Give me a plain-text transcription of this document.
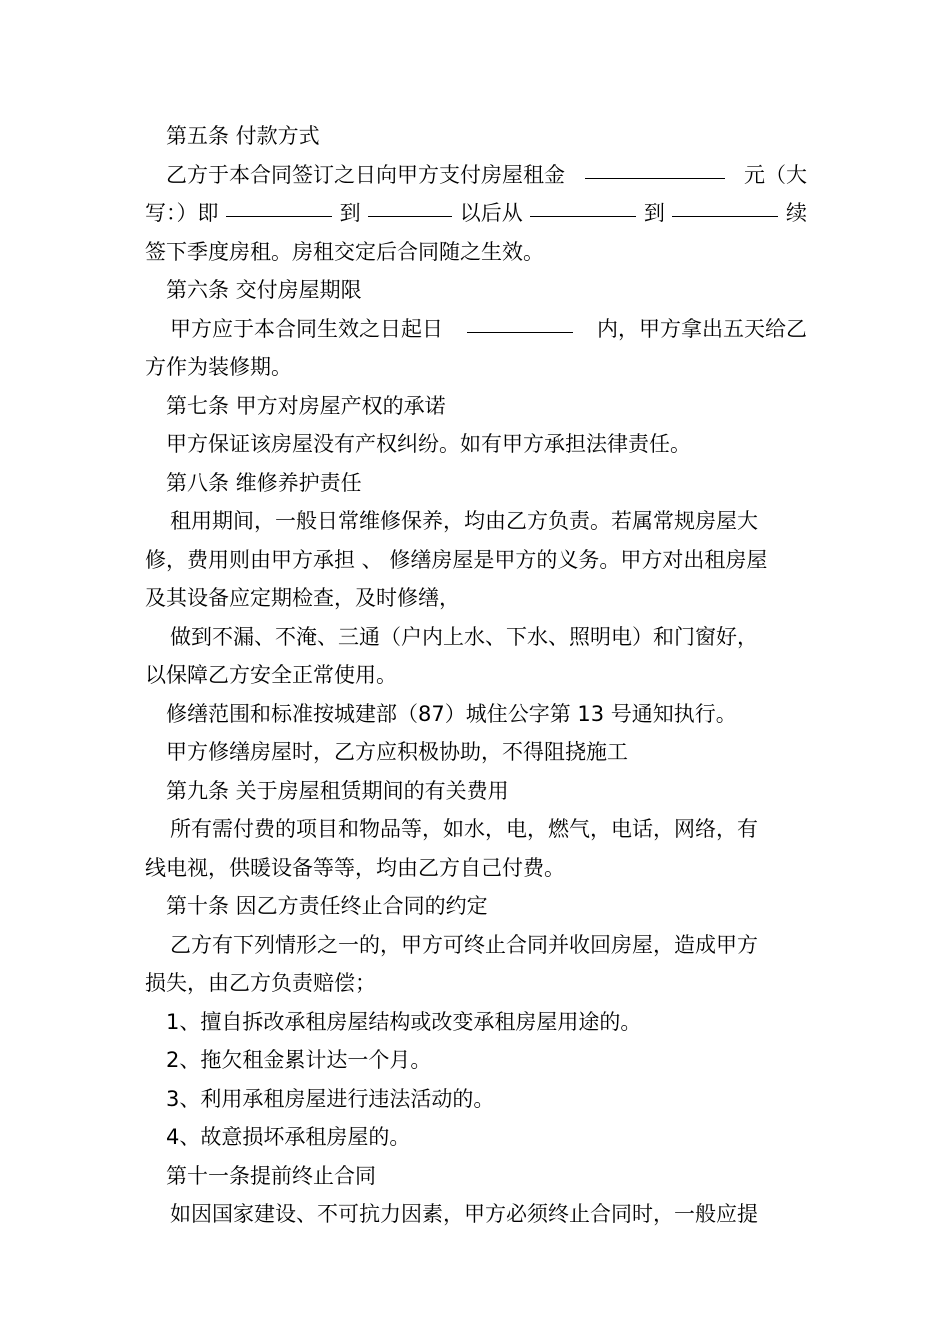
第五条 付款方式
乙方于本合同签订之日向甲方支付房屋租金	元（大
写：）即	到	以后从	到	续
签下季度房租。房租交定后合同随之生效。
第六条 交付房屋期限
甲方应于本合同生效之日起日	内，甲方拿出五天给乙
方作为装修期。
第七条 甲方对房屋产权的承诺
甲方保证该房屋没有产权纠纷。如有甲方承担法律责任。
第八条 维修养护责任
租用期间，一般日常维修保养，均由乙方负责。若属常规房屋大
修，费用则由甲方承担 、 修缮房屋是甲方的义务。甲方对出租房屋
及其设备应定期检查，及时修缮，
做到不漏、不淹、三通（户内上水、下水、照明电）和门窗好，
以保障乙方安全正常使用。
修缮范围和标准按城建部（87）城住公字第 13 号通知执行。
甲方修缮房屋时，乙方应积极协助，不得阻挠施工
第九条 关于房屋租赁期间的有关费用
所有需付费的项目和物品等，如水，电，燃气，电话，网络，有
线电视，供暖设备等等，均由乙方自己付费。
第十条 因乙方责任终止合同的约定
乙方有下列情形之一的，甲方可终止合同并收回房屋，造成甲方
损失，由乙方负责赔偿；
1、擅自拆改承租房屋结构或改变承租房屋用途的。
2、拖欠租金累计达一个月。
3、利用承租房屋进行违法活动的。
4、故意损坏承租房屋的。
第十一条提前终止合同
如因国家建设、不可抗力因素，甲方必须终止合同时，一般应提
